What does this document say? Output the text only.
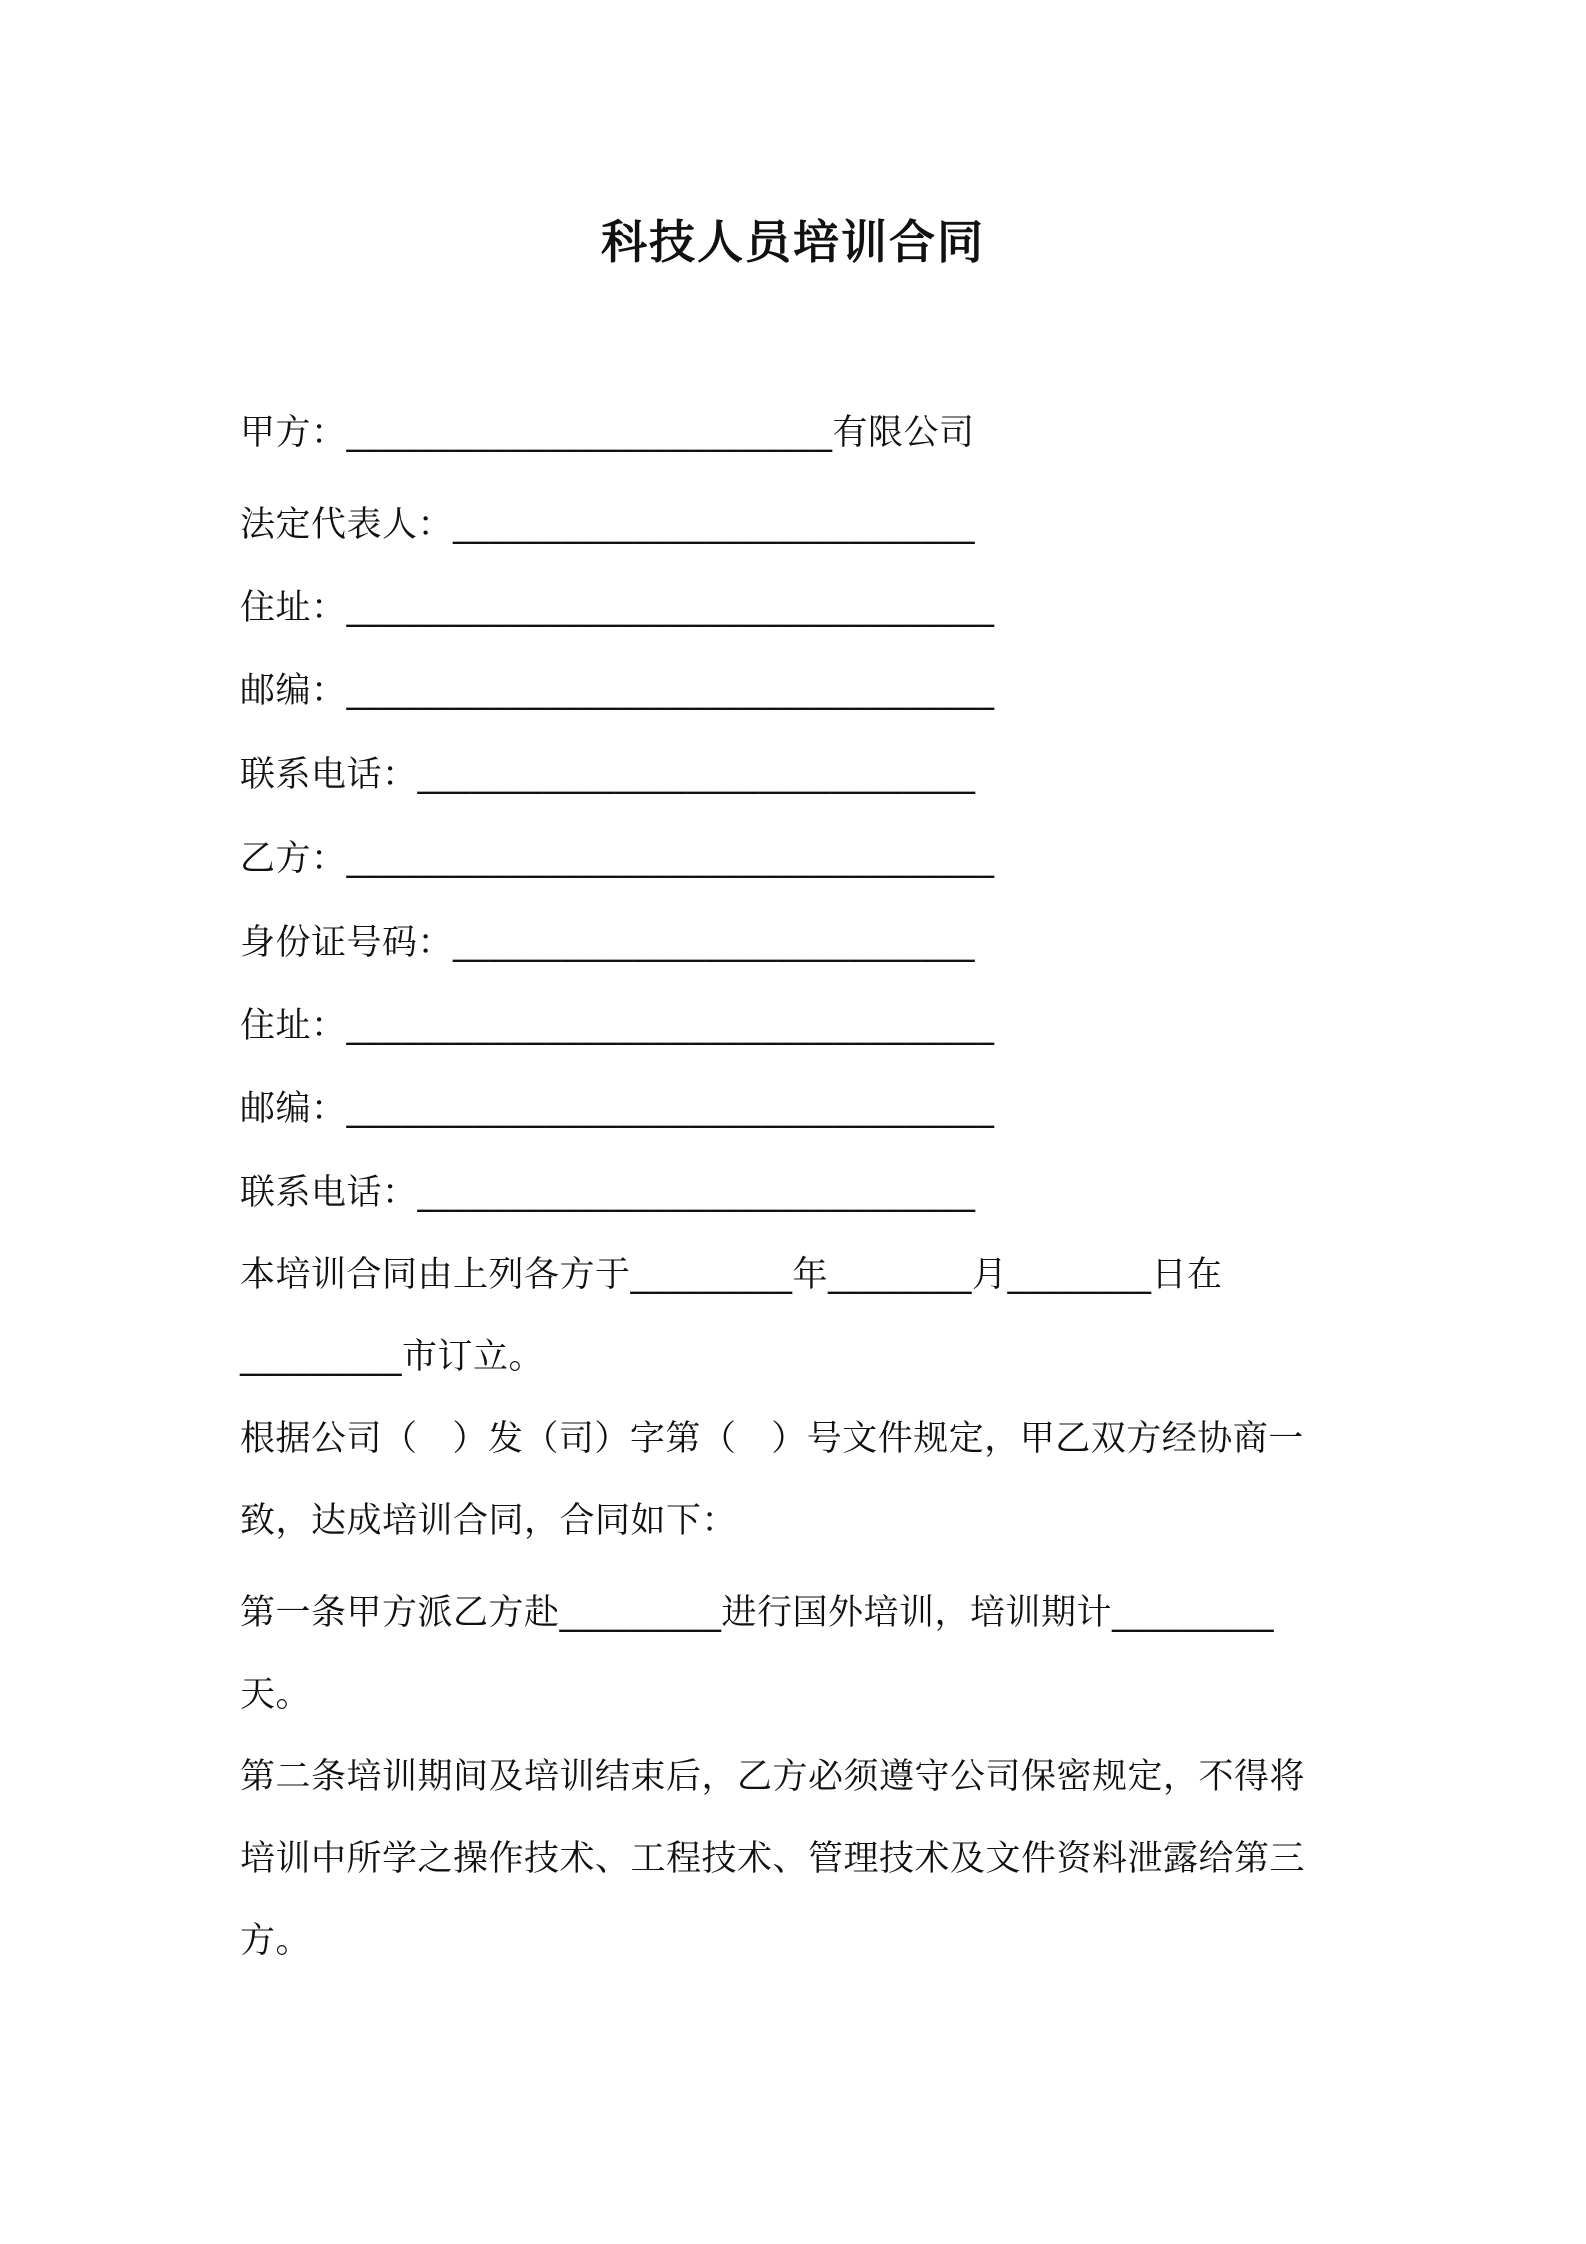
科技人员培训合同
甲方：___________________________有限公司
法定代表人：_____________________________
住址：____________________________________
邮编：____________________________________
联系电话：_______________________________
乙方：____________________________________
身份证号码：_____________________________
住址：____________________________________
邮编：____________________________________
联系电话：_______________________________
本培训合同由上列各方于_________年________月________日在
_________市订立。
根据公司（   ）发（司）字第（   ）号文件规定，甲乙双方经协商一
致，达成培训合同，合同如下：
第一条甲方派乙方赴_________进行国外培训，培训期计_________
天。
第二条培训期间及培训结束后，乙方必须遵守公司保密规定，不得将
培训中所学之操作技术、工程技术、管理技术及文件资料泄露给第三
方。
